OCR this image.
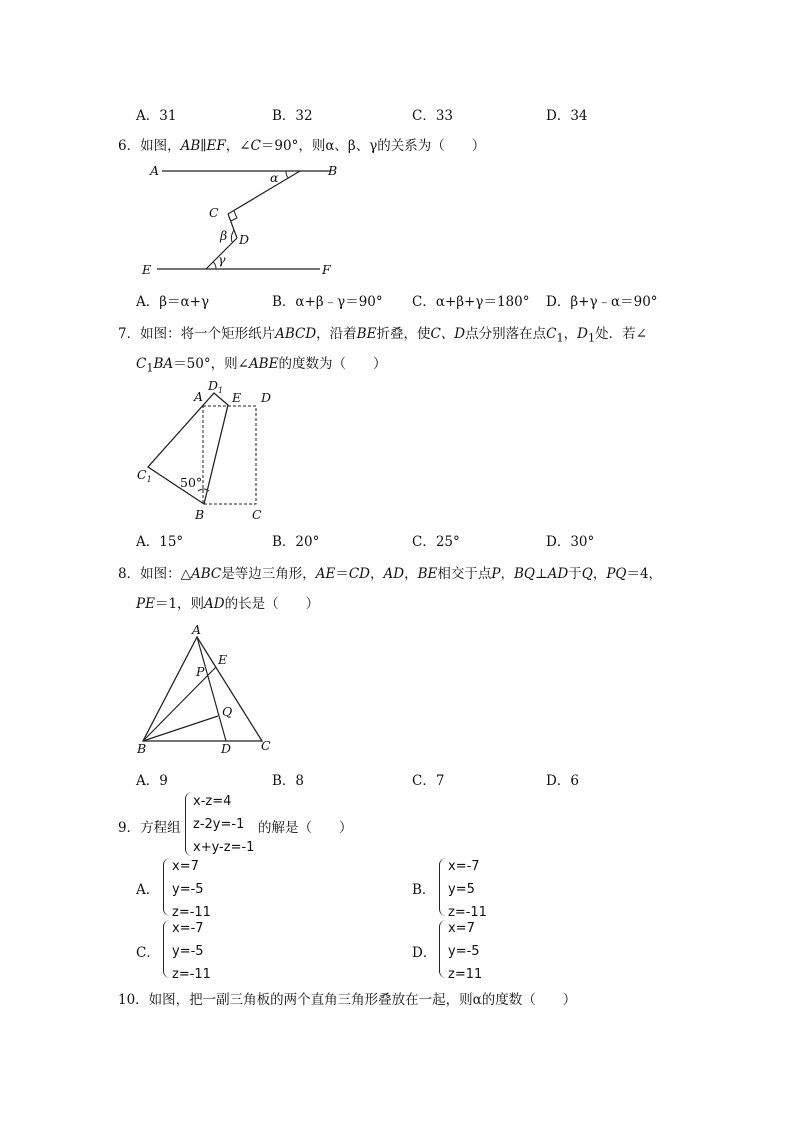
A．31	B．32	C．33	D．34
6．如图，AB∥EF，∠C＝90°，则α、β、γ的关系为（　　）
A	B
C
D
E	F
α
β
γ
A．β＝α+γ	B．α+β﹣γ＝90° C．α+β+γ＝180° D．β+γ﹣α＝90°
7．如图：将一个矩形纸片ABCD，沿着BE折叠，使C、D点分别落在点$C_1$，$D_1$处．若∠
$C_1BA=50^\circ$，则∠ABE的度数为（　　）
A
$D_1$ E D
$C_1$ 50°
B	C
A．15°	B．20°	C．25°	D．30°
8．如图：△ABC是等边三角形，AE＝CD，AD，BE相交于点P，BQ⊥AD于Q，PQ＝4，
PE＝1，则AD的长是（　　）
A
E
P
Q
B	D C
A．9	B．8	C．7	D．6
9．方程组
x-z=4
z-2y=-1
x+y-z=-1
的解是（　　）
A．
x=7
y=-5
z=-11
B．
x=-7
y=5
z=-11
C．
x=-7
y=-5
z=-11
D．
x=7
y=-5
z=11
10．如图，把一副三角板的两个直角三角形叠放在一起，则α的度数（　　）
